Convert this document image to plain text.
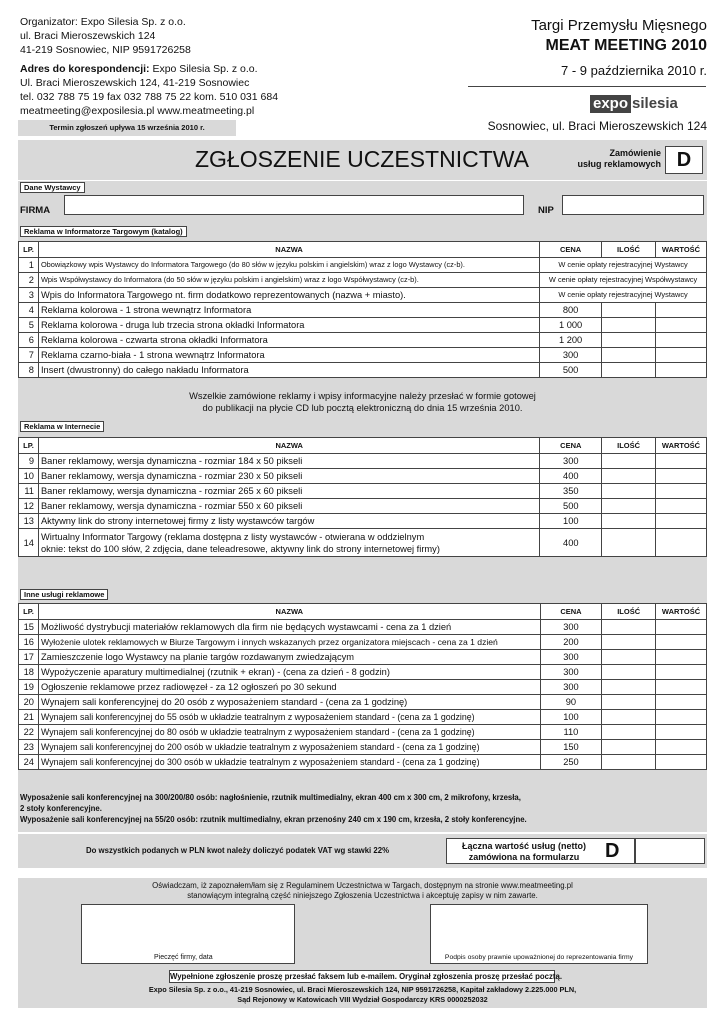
Organizator: Expo Silesia Sp. z o.o.
ul. Braci Mieroszewskich 124
41-219 Sosnowiec, NIP 9591726258
Adres do korespondencji: Expo Silesia Sp. z o.o.
Ul. Braci Mieroszewskich 124, 41-219 Sosnowiec
tel. 032 788 75 19 fax 032 788 75 22 kom. 510 031 684
meatmeeting@exposilesia.pl www.meatmeeting.pl
Termin zgłoszeń upływa 15 września 2010 r.
Targi Przemysłu Mięsnego
MEAT MEETING 2010
7 - 9 października 2010 r.
expo silesia
Sosnowiec, ul. Braci Mieroszewskich 124
ZGŁOSZENIE UCZESTNICTWA	Zamówienie
usług reklamowych D
Dane Wystawcy
FIRMA	NIP
Reklama w Informatorze Targowym (katalog)
LP.	NAZWA	CENA	ILOŚĆ	WARTOŚĆ
1	Obowiązkowy wpis Wystawcy do Informatora Targowego (do 80 słów w języku polskim i angielskim) wraz z logo Wystawcy (cz-b).	W cenie opłaty rejestracyjnej Wystawcy		
2	Wpis Współwystawcy do Informatora (do 50 słów w języku polskim i angielskim) wraz z logo Współwystawcy (cz-b).	W cenie opłaty rejestracyjnej Współwystawcy		
3	Wpis do Informatora Targowego nt. firm dodatkowo reprezentowanych (nazwa + miasto).	W cenie opłaty rejestracyjnej Wystawcy		
4	Reklama kolorowa - 1 strona wewnątrz Informatora	800		
5	Reklama kolorowa - druga lub trzecia strona okładki Informatora	1 000		
6	Reklama kolorowa - czwarta strona okładki Informatora	1 200		
7	Reklama czarno-biała - 1 strona wewnątrz Informatora	300		
8	Insert (dwustronny) do całego nakładu Informatora	500		
Wszelkie zamówione reklamy i wpisy informacyjne należy przesłać w formie gotowej
do publikacji na płycie CD lub pocztą elektroniczną do dnia 15 września 2010.
Reklama w Internecie
LP.	NAZWA	CENA	ILOŚĆ	WARTOŚĆ
9	Baner reklamowy, wersja dynamiczna - rozmiar 184 x 50 pikseli	300		
10	Baner reklamowy, wersja dynamiczna - rozmiar 230 x 50 pikseli	400		
11	Baner reklamowy, wersja dynamiczna - rozmiar 265 x 60 pikseli	350		
12	Baner reklamowy, wersja dynamiczna - rozmiar 550 x 60 pikseli	500		
13	Aktywny link do strony internetowej firmy z listy wystawców targów	100		
14	Wirtualny Informator Targowy (reklama dostępna z listy wystawców - otwierana w oddzielnym
oknie: tekst do 100 słów, 2 zdjęcia, dane teleadresowe, aktywny link do strony internetowej firmy)	400		
Inne usługi reklamowe
LP.	NAZWA	CENA	ILOŚĆ	WARTOŚĆ
15	Możliwość dystrybucji materiałów reklamowych dla firm nie będących wystawcami - cena za 1 dzień	300		
16	Wyłożenie ulotek reklamowych w Biurze Targowym i innych wskazanych przez organizatora miejscach - cena za 1 dzień	200		
17	Zamieszczenie logo Wystawcy na planie targów rozdawanym zwiedzającym	300		
18	Wypożyczenie aparatury multimedialnej (rzutnik + ekran) - (cena za dzień - 8 godzin)	300		
19	Ogłoszenie reklamowe przez radiowęzeł - za 12 ogłoszeń po 30 sekund	300		
20	Wynajem sali konferencyjnej do 20 osób z wyposażeniem standard - (cena za 1 godzinę)	90		
21	Wynajem sali konferencyjnej do 55 osób w układzie teatralnym z wyposażeniem standard - (cena za 1 godzinę)	100		
22	Wynajem sali konferencyjnej do 80 osób w układzie teatralnym z wyposażeniem standard - (cena za 1 godzinę)	110		
23	Wynajem sali konferencyjnej do 200 osób w układzie teatralnym z wyposażeniem standard - (cena za 1 godzinę)	150		
24	Wynajem sali konferencyjnej do 300 osób w układzie teatralnym z wyposażeniem standard - (cena za 1 godzinę)	250		
Wyposażenie sali konferencyjnej na 300/200/80 osób: nagłośnienie, rzutnik multimedialny, ekran 400 cm x 300 cm, 2 mikrofony, krzesła,
2 stoły konferencyjne.
Wyposażenie sali konferencyjnej na 55/20 osób: rzutnik multimedialny, ekran przenośny 240 cm x 190 cm, krzesła, 2 stoły konferencyjne.
Do wszystkich podanych w PLN kwot należy doliczyć podatek VAT wg stawki 22%	Łączna wartość usług (netto)
zamówiona na formularzu	D
Oświadczam, iż zapoznałem/łam się z Regulaminem Uczestnictwa w Targach, dostępnym na stronie www.meatmeeting.pl
stanowiącym integralną część niniejszego Zgłoszenia Uczestnictwa i akceptuję zapisy w nim zawarte.
Pieczęć firmy, data	Podpis osoby prawnie upoważnionej do reprezentowania firmy
Wypełnione zgłoszenie proszę przesłać faksem lub e-mailem. Oryginał zgłoszenia proszę przesłać pocztą.
Expo Silesia Sp. z o.o., 41-219 Sosnowiec, ul. Braci Mieroszewskich 124, NIP 9591726258, Kapitał zakładowy 2.225.000 PLN,
Sąd Rejonowy w Katowicach VIII Wydział Gospodarczy KRS 0000252032
